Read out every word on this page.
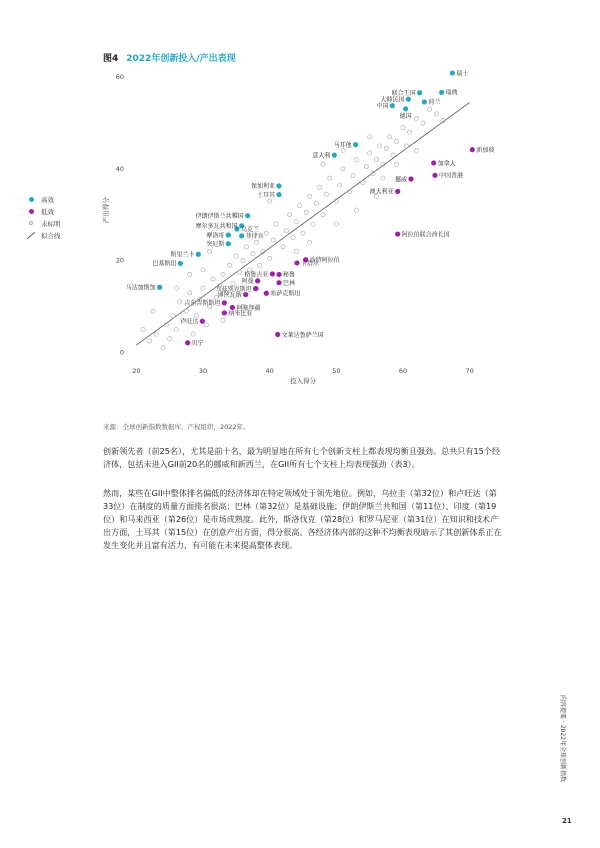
图4 2022年创新投入/产出表现
高效
低效
未标明
拟合线
20	30	40	50	60	70
0
20
40
60
投入得分
产出得分
瑞士
瑞典
联合王国
大韩民国	荷兰
中国
德国
马耳他
意大利
保加利亚
土耳其
伊朗伊斯兰共和国
摩尔多瓦共和国 乌克兰
摩洛哥	菲律宾
突尼斯
斯里兰卡
巴基斯坦
马达加斯加
新加坡
加拿大
中国香港
挪威
澳大利亚
阿拉伯联合酋长国
沙特阿拉伯
卡塔尔
格鲁吉亚 秘鲁
阿曼	巴林
乌兹别克斯坦
博茨瓦纳	哈萨克斯坦
吉尔吉斯斯坦
阿塞拜疆
纳米比亚
卢旺达
文莱达鲁萨兰国
贝宁
来源：全球创新指数数据库，产权组织，2022年。

创新领先者（前25名），尤其是前十名，最为明显地在所有七个创新支柱上都表现均衡且强劲。总共只有15个经济体，包括未进入GII前20名的挪威和新西兰，在GII所有七个支柱上均表现强劲（表3）。

然而，某些在GII中整体排名偏低的经济体却在特定领域处于领先地位。例如，乌拉圭（第32位）和卢旺达（第33位）在制度的质量方面排名很高；巴林（第32位）是基础设施；伊朗伊斯兰共和国（第11位）、印度（第19位）和马来西亚（第26位）是市场成熟度。此外，斯洛伐克（第28位）和罗马尼亚（第31位）在知识和技术产出方面，土耳其（第15位）在创意产出方面，得分很高。各经济体内部的这种不均衡表现暗示了其创新体系正在发生变化并且富有活力，有可能在未来提高整体表现。

内容提要 · 2022年全球创新指数
21
